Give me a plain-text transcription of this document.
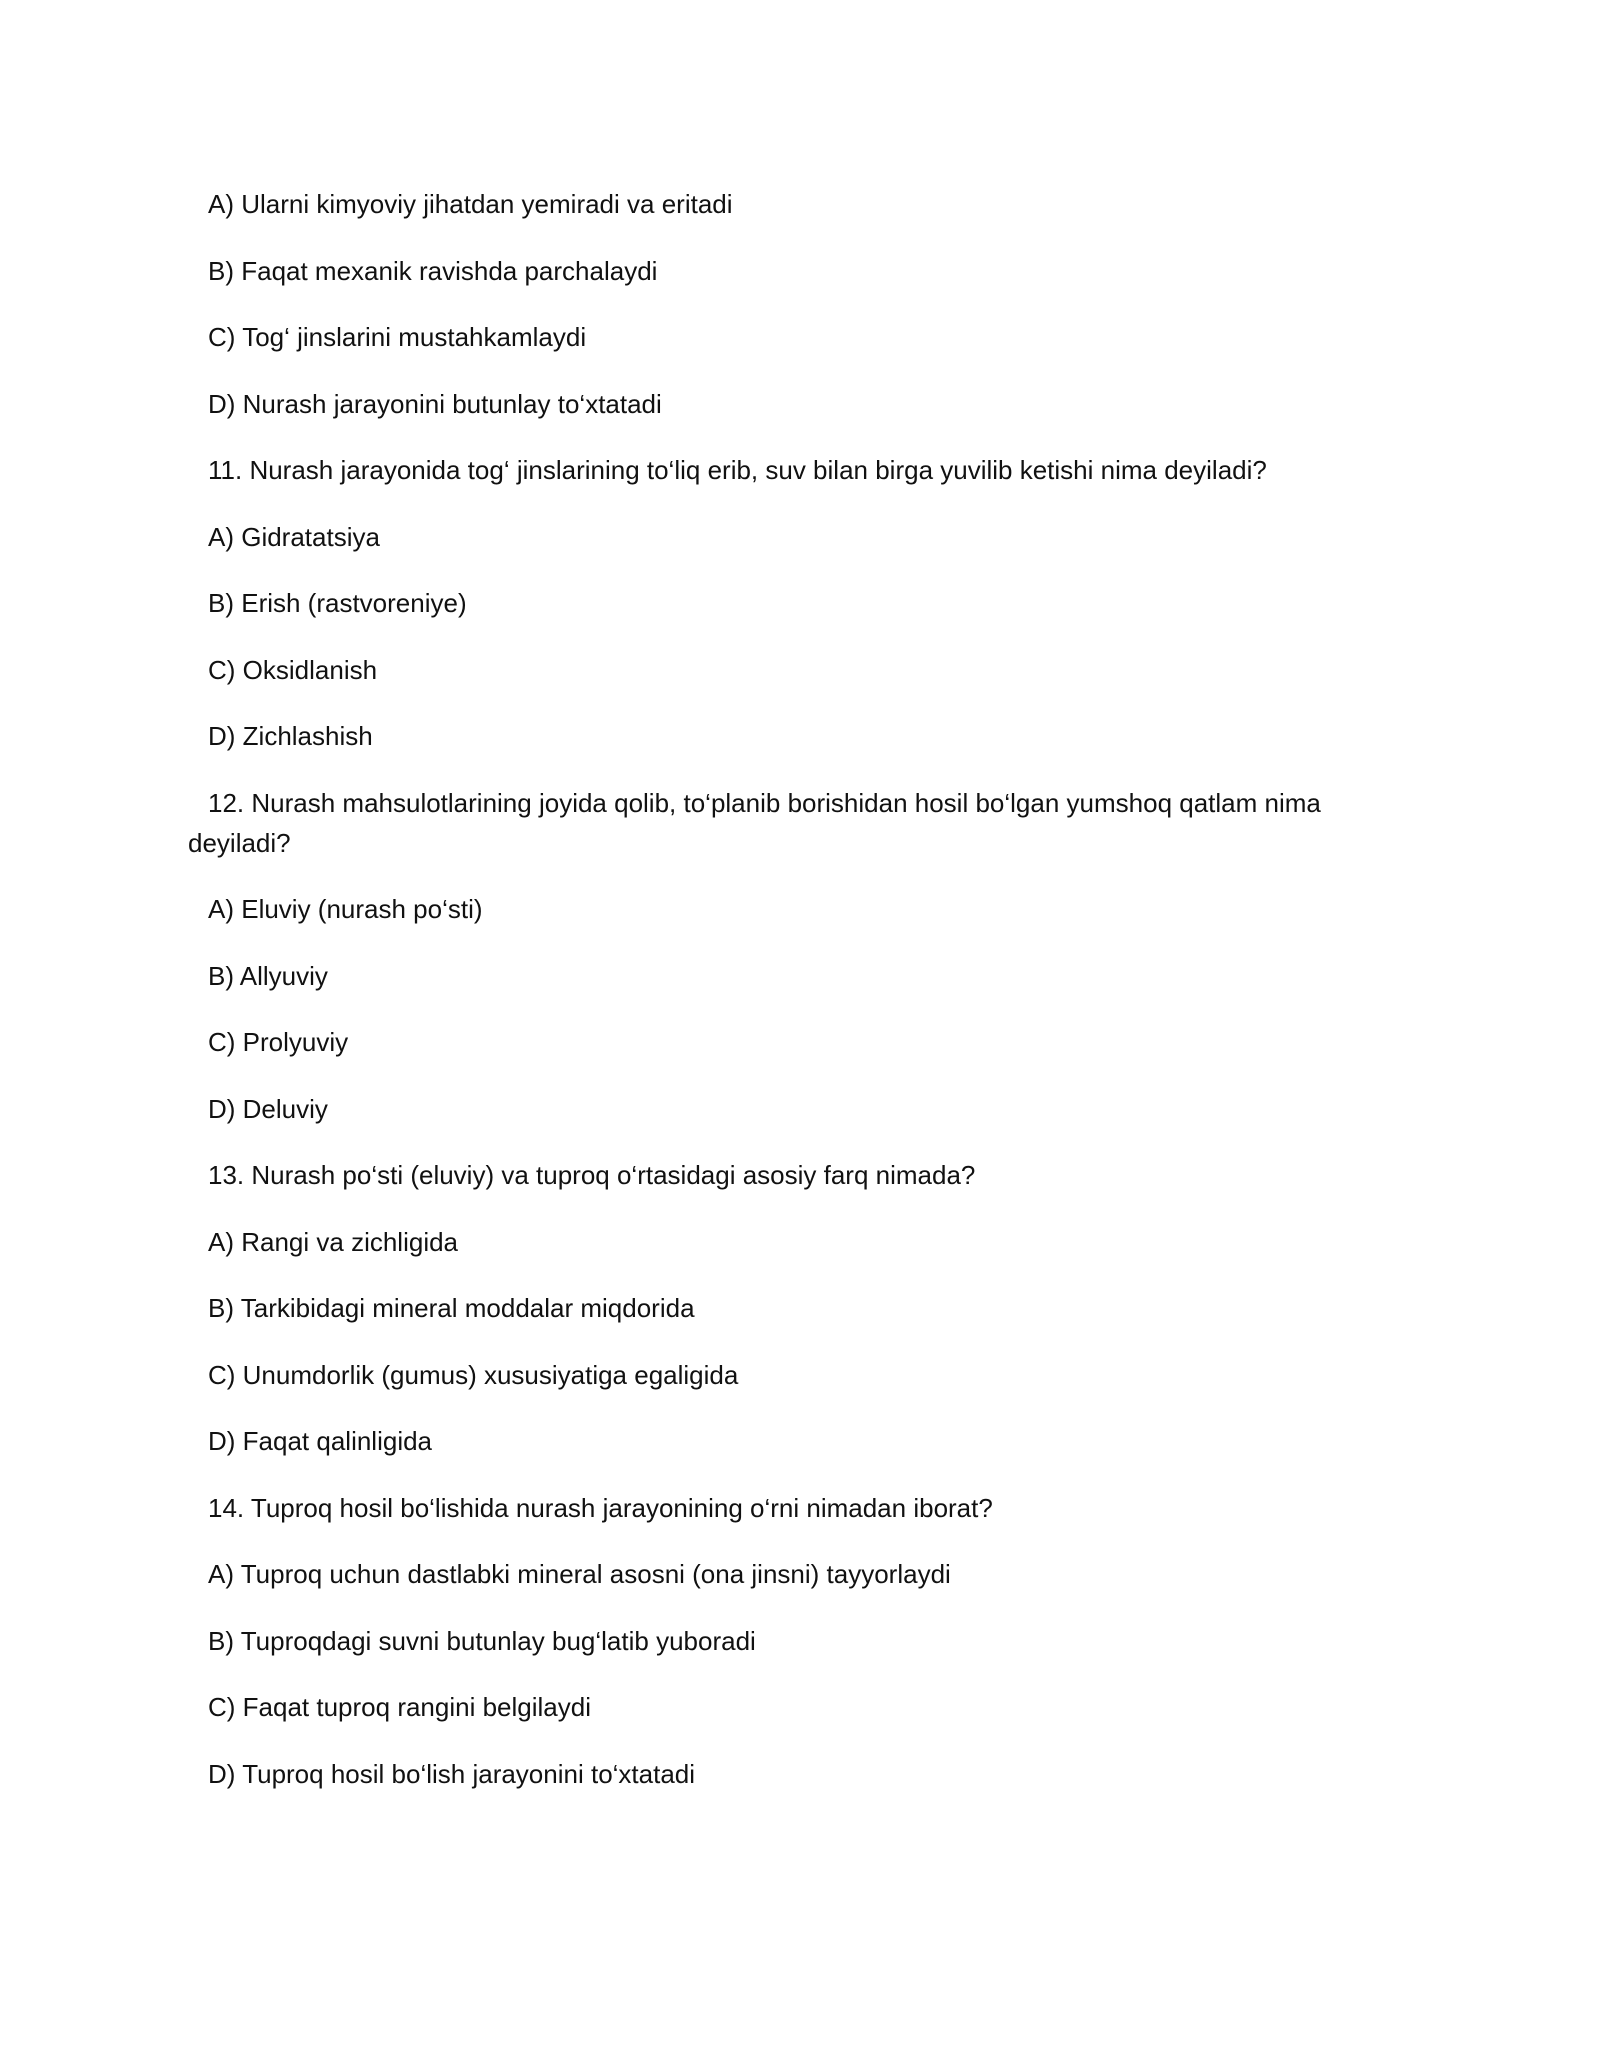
A) Ularni kimyoviy jihatdan yemiradi va eritadi

B) Faqat mexanik ravishda parchalaydi

C) Tog‘ jinslarini mustahkamlaydi

D) Nurash jarayonini butunlay to‘xtatadi

11. Nurash jarayonida tog‘ jinslarining to‘liq erib, suv bilan birga yuvilib ketishi nima deyiladi?

A) Gidratatsiya

B) Erish (rastvoreniye)

C) Oksidlanish

D) Zichlashish

12. Nurash mahsulotlarining joyida qolib, to‘planib borishidan hosil bo‘lgan yumshoq qatlam nima deyiladi?

A) Eluviy (nurash po‘sti)

B) Allyuviy

C) Prolyuviy

D) Deluviy

13. Nurash po‘sti (eluviy) va tuproq o‘rtasidagi asosiy farq nimada?

A) Rangi va zichligida

B) Tarkibidagi mineral moddalar miqdorida

C) Unumdorlik (gumus) xususiyatiga egaligida

D) Faqat qalinligida

14. Tuproq hosil bo‘lishida nurash jarayonining o‘rni nimadan iborat?

A) Tuproq uchun dastlabki mineral asosni (ona jinsni) tayyorlaydi

B) Tuproqdagi suvni butunlay bug‘latib yuboradi

C) Faqat tuproq rangini belgilaydi

D) Tuproq hosil bo‘lish jarayonini to‘xtatadi
